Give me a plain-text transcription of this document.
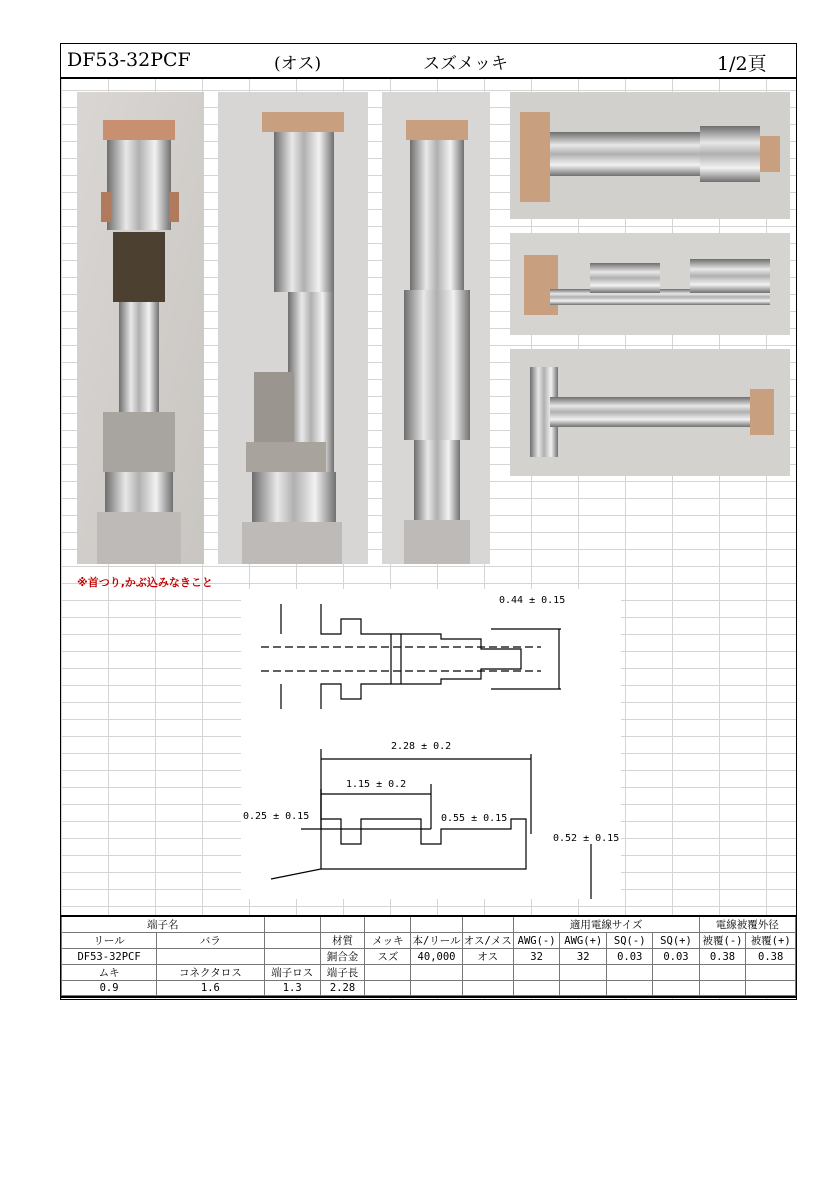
DF53-32PCF	(オス)	スズメッキ	1/2頁
※首つり,かぶ込みなきこと
0.44 ± 0.15
2.28 ± 0.2
1.15 ± 0.2
0.25 ± 0.15	0.55 ± 0.15
0.52 ± 0.15
端子名							適用電線サイズ				電線被覆外径	
リール	バラ		材質	メッキ	本/リール	オス/メス	AWG(-)	AWG(+)	SQ(-)	SQ(+)	被覆(-)	被覆(+)
DF53-32PCF			銅合金	スズ	40,000	オス	32	32	0.03	0.03	0.38	0.38
ムキ	コネクタロス	端子ロス	端子長									
0.9	1.6	1.3	2.28									
